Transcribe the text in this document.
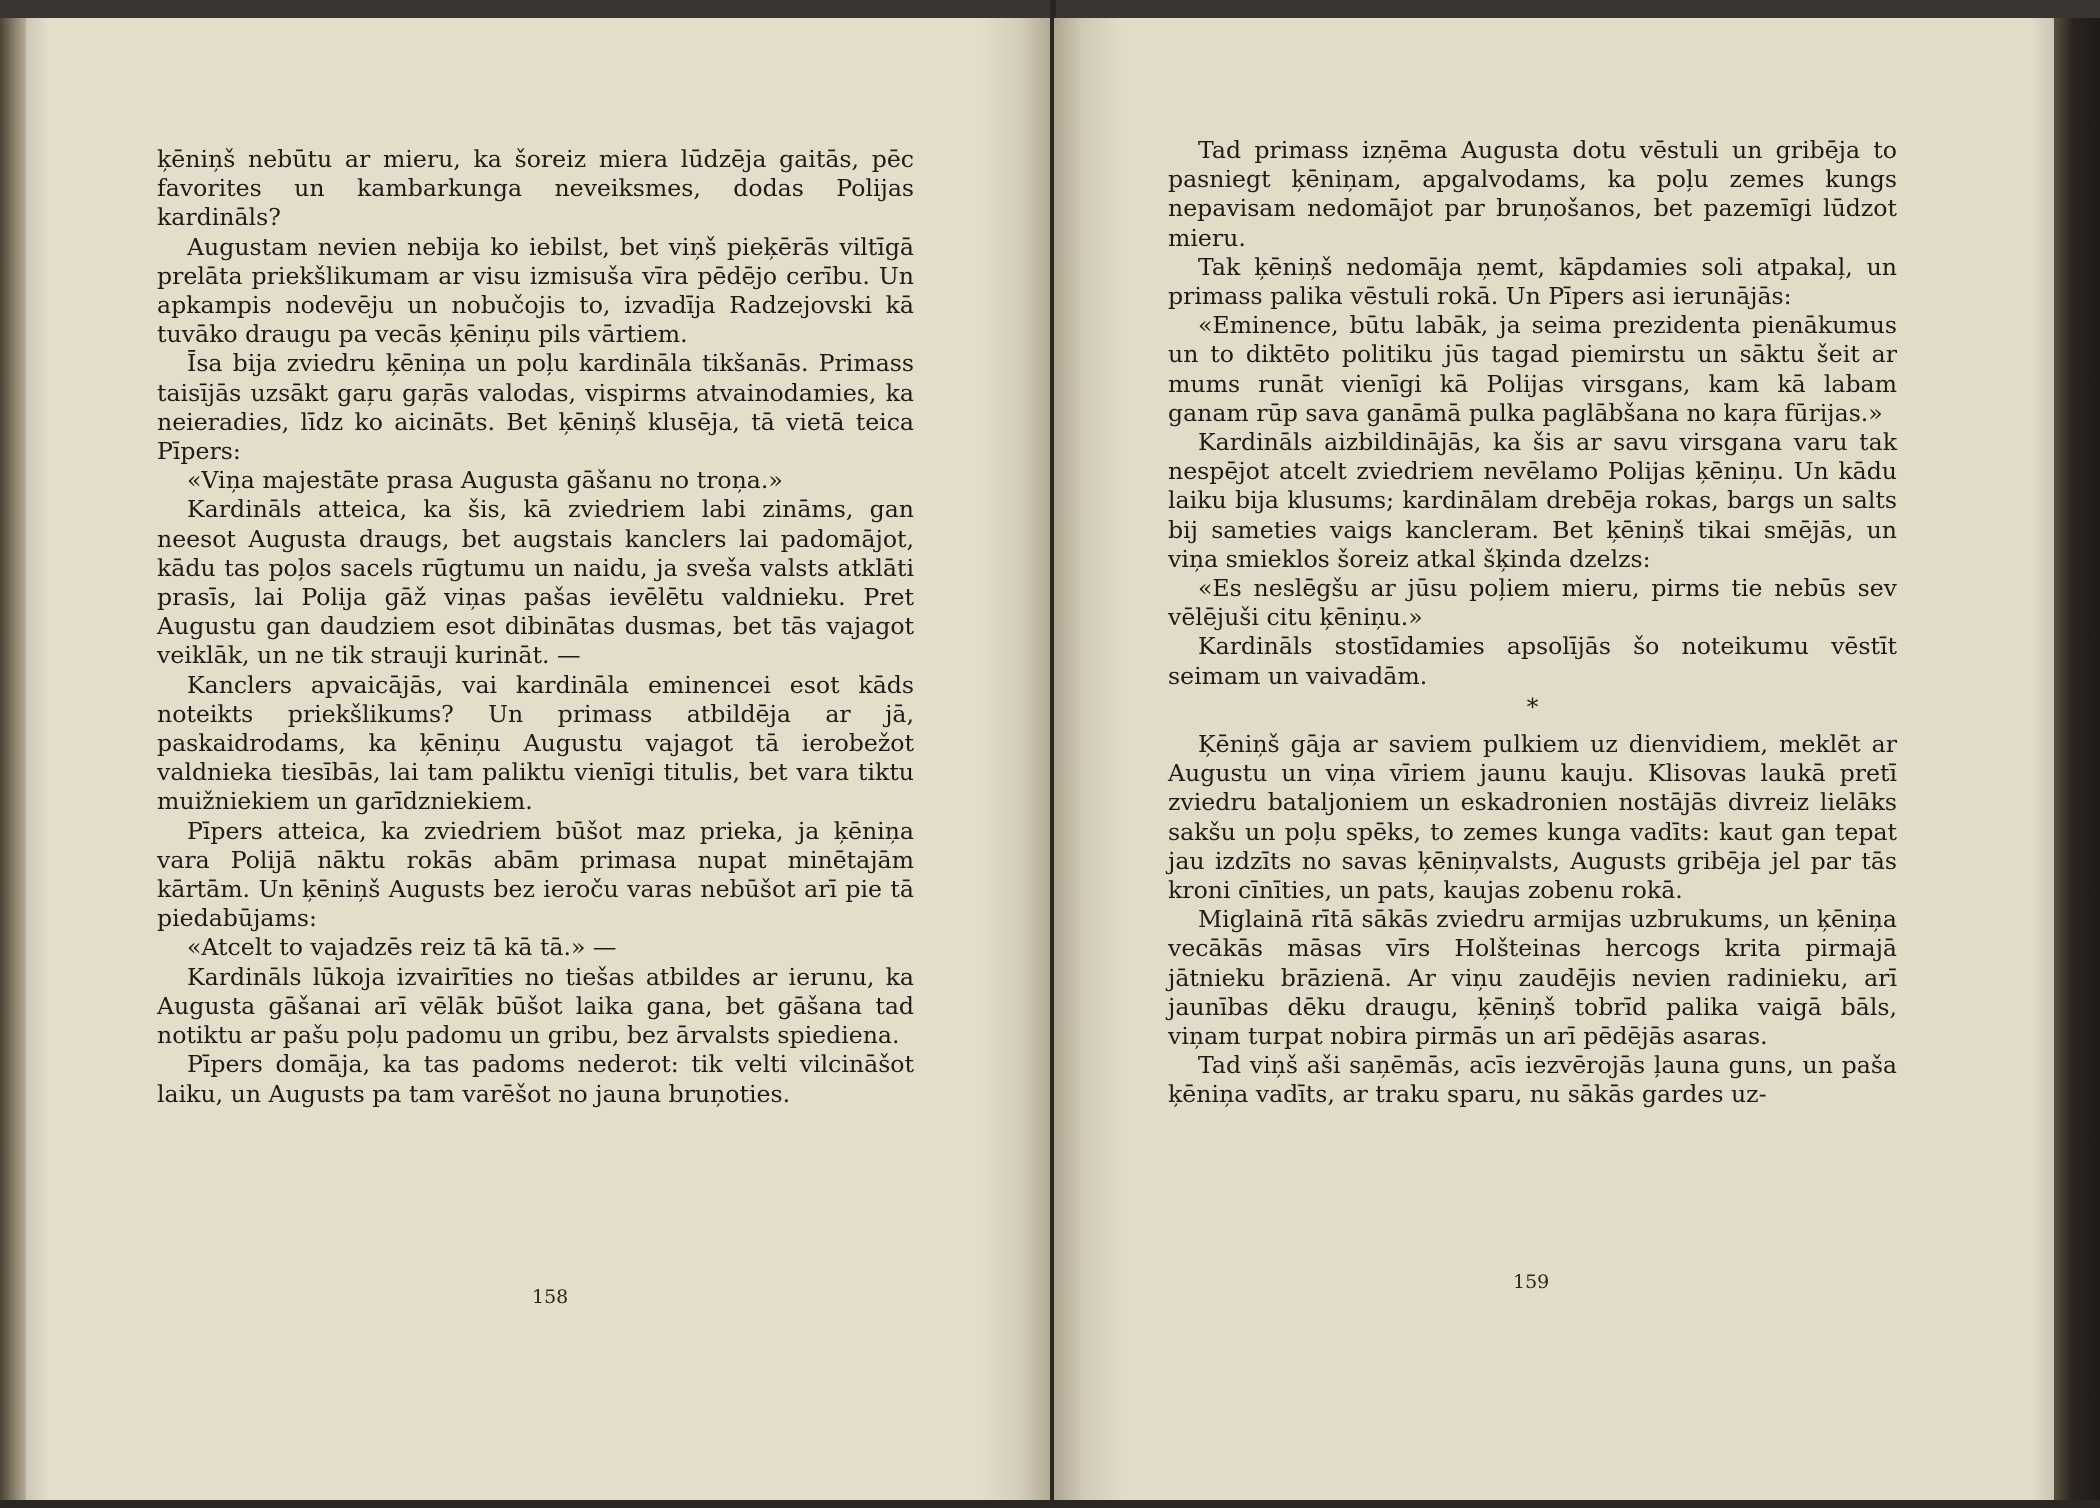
ķēniņš nebūtu ar mieru, ka šoreiz miera lūdzēja gaitās, pēc favorites un kambarkunga neveiksmes, dodas Polijas kardināls?

Augustam nevien nebija ko iebilst, bet viņš pieķērās viltīgā prelāta priekšlikumam ar visu izmisuša vīra pēdējo cerību. Un apkampis nodevēju un nobučojis to, izvadīja Radzejovski kā tuvāko draugu pa vecās ķēniņu pils vārtiem.

Īsa bija zviedru ķēniņa un poļu kardināla tikšanās. Primass taisījās uzsākt gaŗu gaŗās valodas, vispirms atvainodamies, ka neieradies, līdz ko aicināts. Bet ķēniņš klusēja, tā vietā teica Pīpers:

«Viņa majestāte prasa Augusta gāšanu no troņa.»

Kardināls atteica, ka šis, kā zviedriem labi zināms, gan neesot Augusta draugs, bet augstais kanclers lai padomājot, kādu tas poļos sacels rūgtumu un naidu, ja sveša valsts atklāti prasīs, lai Polija gāž viņas pašas ievēlētu valdnieku. Pret Augustu gan daudziem esot dibinātas dusmas, bet tās vajagot veiklāk, un ne tik strauji kurināt. —

Kanclers apvaicājās, vai kardināla eminencei esot kāds noteikts priekšlikums? Un primass atbildēja ar jā, paskaidrodams, ka ķēniņu Augustu vajagot tā ierobežot valdnieka tiesībās, lai tam paliktu vienīgi titulis, bet vara tiktu muižniekiem un garīdzniekiem.

Pīpers atteica, ka zviedriem būšot maz prieka, ja ķēniņa vara Polijā nāktu rokās abām primasa nupat minētajām kārtām. Un ķēniņš Augusts bez ieroču varas nebūšot arī pie tā piedabūjams:

«Atcelt to vajadzēs reiz tā kā tā.» —

Kardināls lūkoja izvairīties no tiešas atbildes ar ierunu, ka Augusta gāšanai arī vēlāk būšot laika gana, bet gāšana tad notiktu ar pašu poļu padomu un gribu, bez ārvalsts spiediena.

Pīpers domāja, ka tas padoms nederot: tik velti vilcināšot laiku, un Augusts pa tam varēšot no jauna bruņoties.

158

Tad primass izņēma Augusta dotu vēstuli un gribēja to pasniegt ķēniņam, apgalvodams, ka poļu zemes kungs nepavisam nedomājot par bruņošanos, bet pazemīgi lūdzot mieru.

Tak ķēniņš nedomāja ņemt, kāpdamies soli atpakaļ, un primass palika vēstuli rokā. Un Pīpers asi ierunājās:

«Eminence, būtu labāk, ja seima prezidenta pienākumus un to diktēto politiku jūs tagad piemirstu un sāktu šeit ar mums runāt vienīgi kā Polijas virsgans, kam kā labam ganam rūp sava ganāmā pulka paglābšana no kaŗa fūrijas.»

Kardināls aizbildinājās, ka šis ar savu virsgana varu tak nespējot atcelt zviedriem nevēlamo Polijas ķēniņu. Un kādu laiku bija klusums; kardinālam drebēja rokas, bargs un salts bij sameties vaigs kancleram. Bet ķēniņš tikai smējās, un viņa smieklos šoreiz atkal šķinda dzelzs:

«Es neslēgšu ar jūsu poļiem mieru, pirms tie nebūs sev vēlējuši citu ķēniņu.»

Kardināls stostīdamies apsolījās šo noteikumu vēstīt seimam un vaivadām.

*

Ķēniņš gāja ar saviem pulkiem uz dienvidiem, meklēt ar Augustu un viņa vīriem jaunu kauju. Klisovas laukā pretī zviedru bataljoniem un eskadronien nostājās divreiz lielāks sakšu un poļu spēks, to zemes kunga vadīts: kaut gan tepat jau izdzīts no savas ķēniņvalsts, Augusts gribēja jel par tās kroni cīnīties, un pats, kaujas zobenu rokā.

Miglainā rītā sākās zviedru armijas uzbrukums, un ķēniņa vecākās māsas vīrs Holšteinas hercogs krita pirmajā jātnieku brāzienā. Ar viņu zaudējis nevien radinieku, arī jaunības dēku draugu, ķēniņš tobrīd palika vaigā bāls, viņam turpat nobira pirmās un arī pēdējās asaras.

Tad viņš aši saņēmās, acīs iezvērojās ļauna guns, un paša ķēniņa vadīts, ar traku sparu, nu sākās gardes uz-

159
